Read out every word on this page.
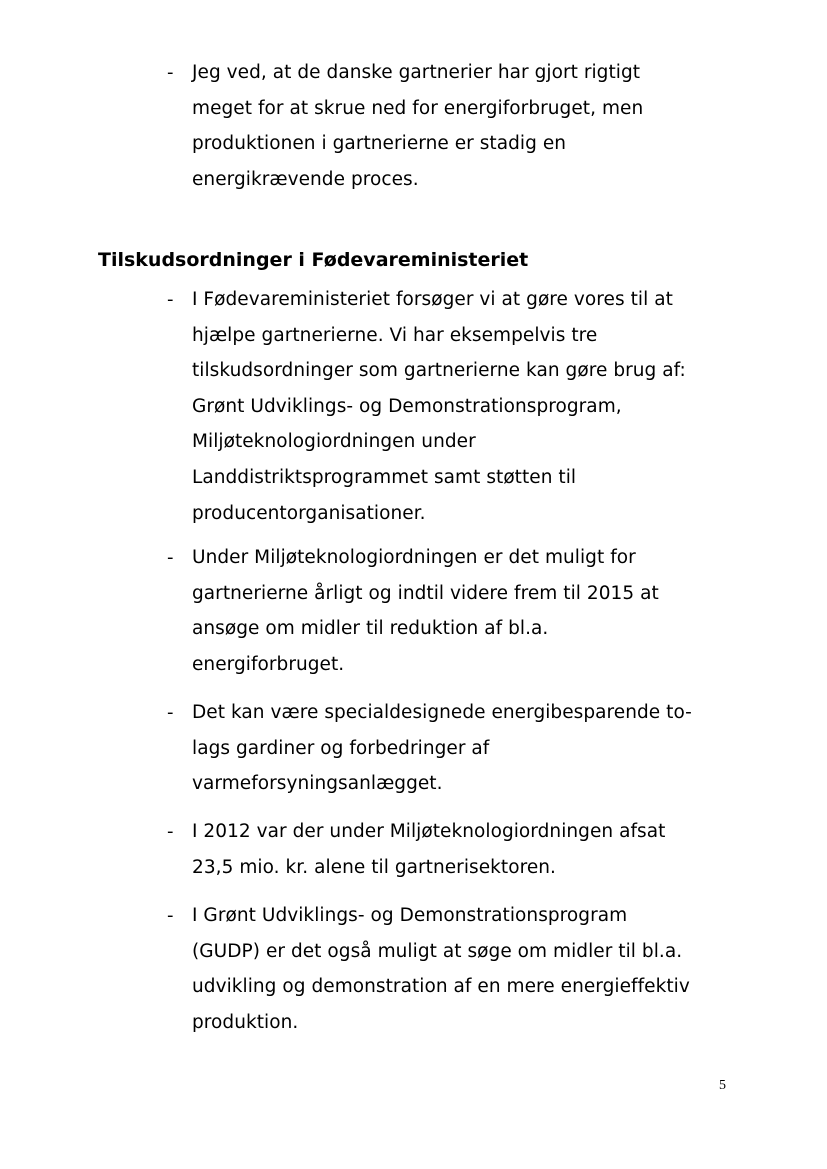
- Jeg ved, at de danske gartnerier har gjort rigtigt
meget for at skrue ned for energiforbruget, men
produktionen i gartnerierne er stadig en
energikrævende proces.
Tilskudsordninger i Fødevareministeriet
- I Fødevareministeriet forsøger vi at gøre vores til at
hjælpe gartnerierne. Vi har eksempelvis tre
tilskudsordninger som gartnerierne kan gøre brug af:
Grønt Udviklings- og Demonstrationsprogram,
Miljøteknologiordningen under
Landdistriktsprogrammet samt støtten til
producentorganisationer.
- Under Miljøteknologiordningen er det muligt for
gartnerierne årligt og indtil videre frem til 2015 at
ansøge om midler til reduktion af bl.a.
energiforbruget.
- Det kan være specialdesignede energibesparende to-
lags gardiner og forbedringer af
varmeforsyningsanlægget.
- I 2012 var der under Miljøteknologiordningen afsat
23,5 mio. kr. alene til gartnerisektoren.
- I Grønt Udviklings- og Demonstrationsprogram
(GUDP) er det også muligt at søge om midler til bl.a.
udvikling og demonstration af en mere energieffektiv
produktion.
5
